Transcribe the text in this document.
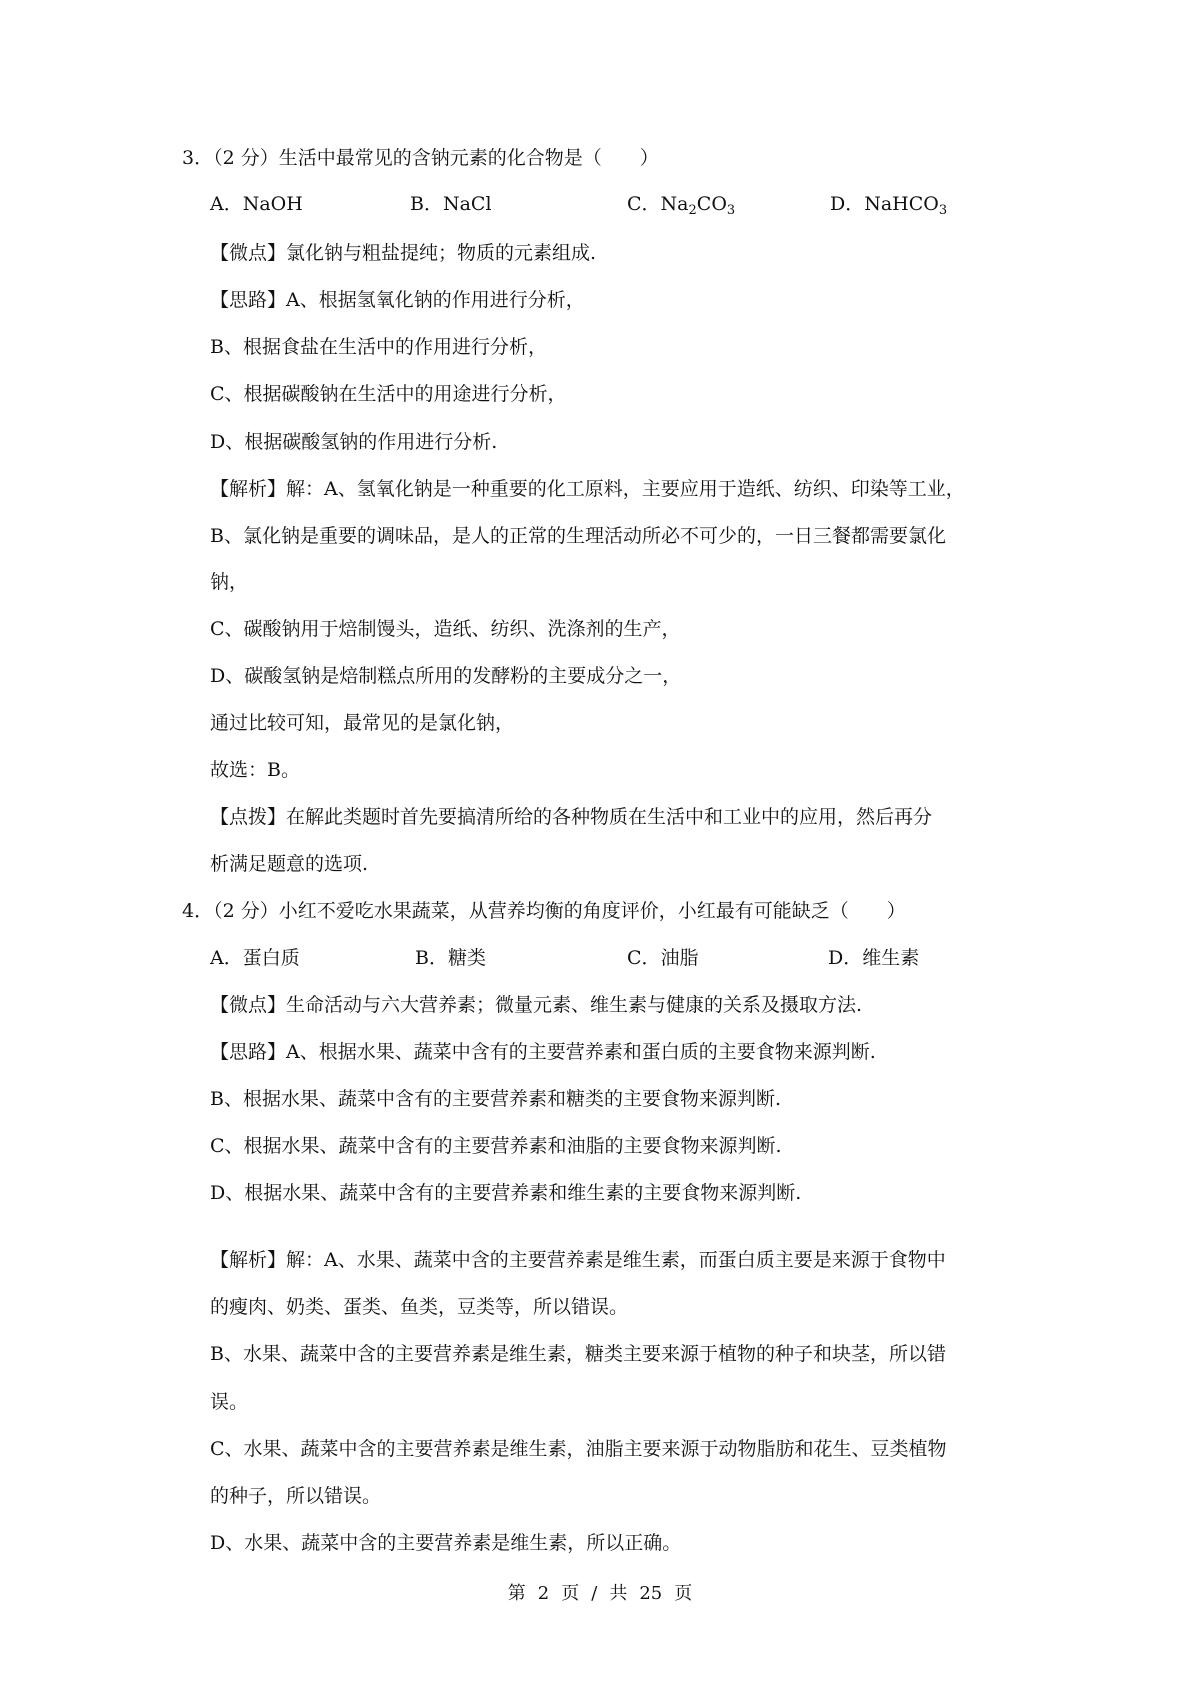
3．（2 分）生活中最常见的含钠元素的化合物是（　　）
A．NaOH	B．NaCl	C．$Na_2CO_3$	D．NaHCO$_3$
【微点】氯化钠与粗盐提纯；物质的元素组成.
【思路】A、根据氢氧化钠的作用进行分析，
B、根据食盐在生活中的作用进行分析，
C、根据碳酸钠在生活中的用途进行分析，
D、根据碳酸氢钠的作用进行分析.
【解析】解：A、氢氧化钠是一种重要的化工原料，主要应用于造纸、纺织、印染等工业，
B、氯化钠是重要的调味品，是人的正常的生理活动所必不可少的，一日三餐都需要氯化
钠，
C、碳酸钠用于焙制馒头，造纸、纺织、洗涤剂的生产，
D、碳酸氢钠是焙制糕点所用的发酵粉的主要成分之一，
通过比较可知，最常见的是氯化钠，
故选：B。
【点拨】在解此类题时首先要搞清所给的各种物质在生活中和工业中的应用，然后再分
析满足题意的选项.
4．（2 分）小红不爱吃水果蔬菜，从营养均衡的角度评价，小红最有可能缺乏（　　）
A．蛋白质	B．糖类	C．油脂	D．维生素
【微点】生命活动与六大营养素；微量元素、维生素与健康的关系及摄取方法.
【思路】A、根据水果、蔬菜中含有的主要营养素和蛋白质的主要食物来源判断.
B、根据水果、蔬菜中含有的主要营养素和糖类的主要食物来源判断.
C、根据水果、蔬菜中含有的主要营养素和油脂的主要食物来源判断.
D、根据水果、蔬菜中含有的主要营养素和维生素的主要食物来源判断.
【解析】解：A、水果、蔬菜中含的主要营养素是维生素，而蛋白质主要是来源于食物中
的瘦肉、奶类、蛋类、鱼类，豆类等，所以错误。
B、水果、蔬菜中含的主要营养素是维生素，糖类主要来源于植物的种子和块茎，所以错
误。
C、水果、蔬菜中含的主要营养素是维生素，油脂主要来源于动物脂肪和花生、豆类植物
的种子，所以错误。
D、水果、蔬菜中含的主要营养素是维生素，所以正确。
第 2 页 / 共 25 页
